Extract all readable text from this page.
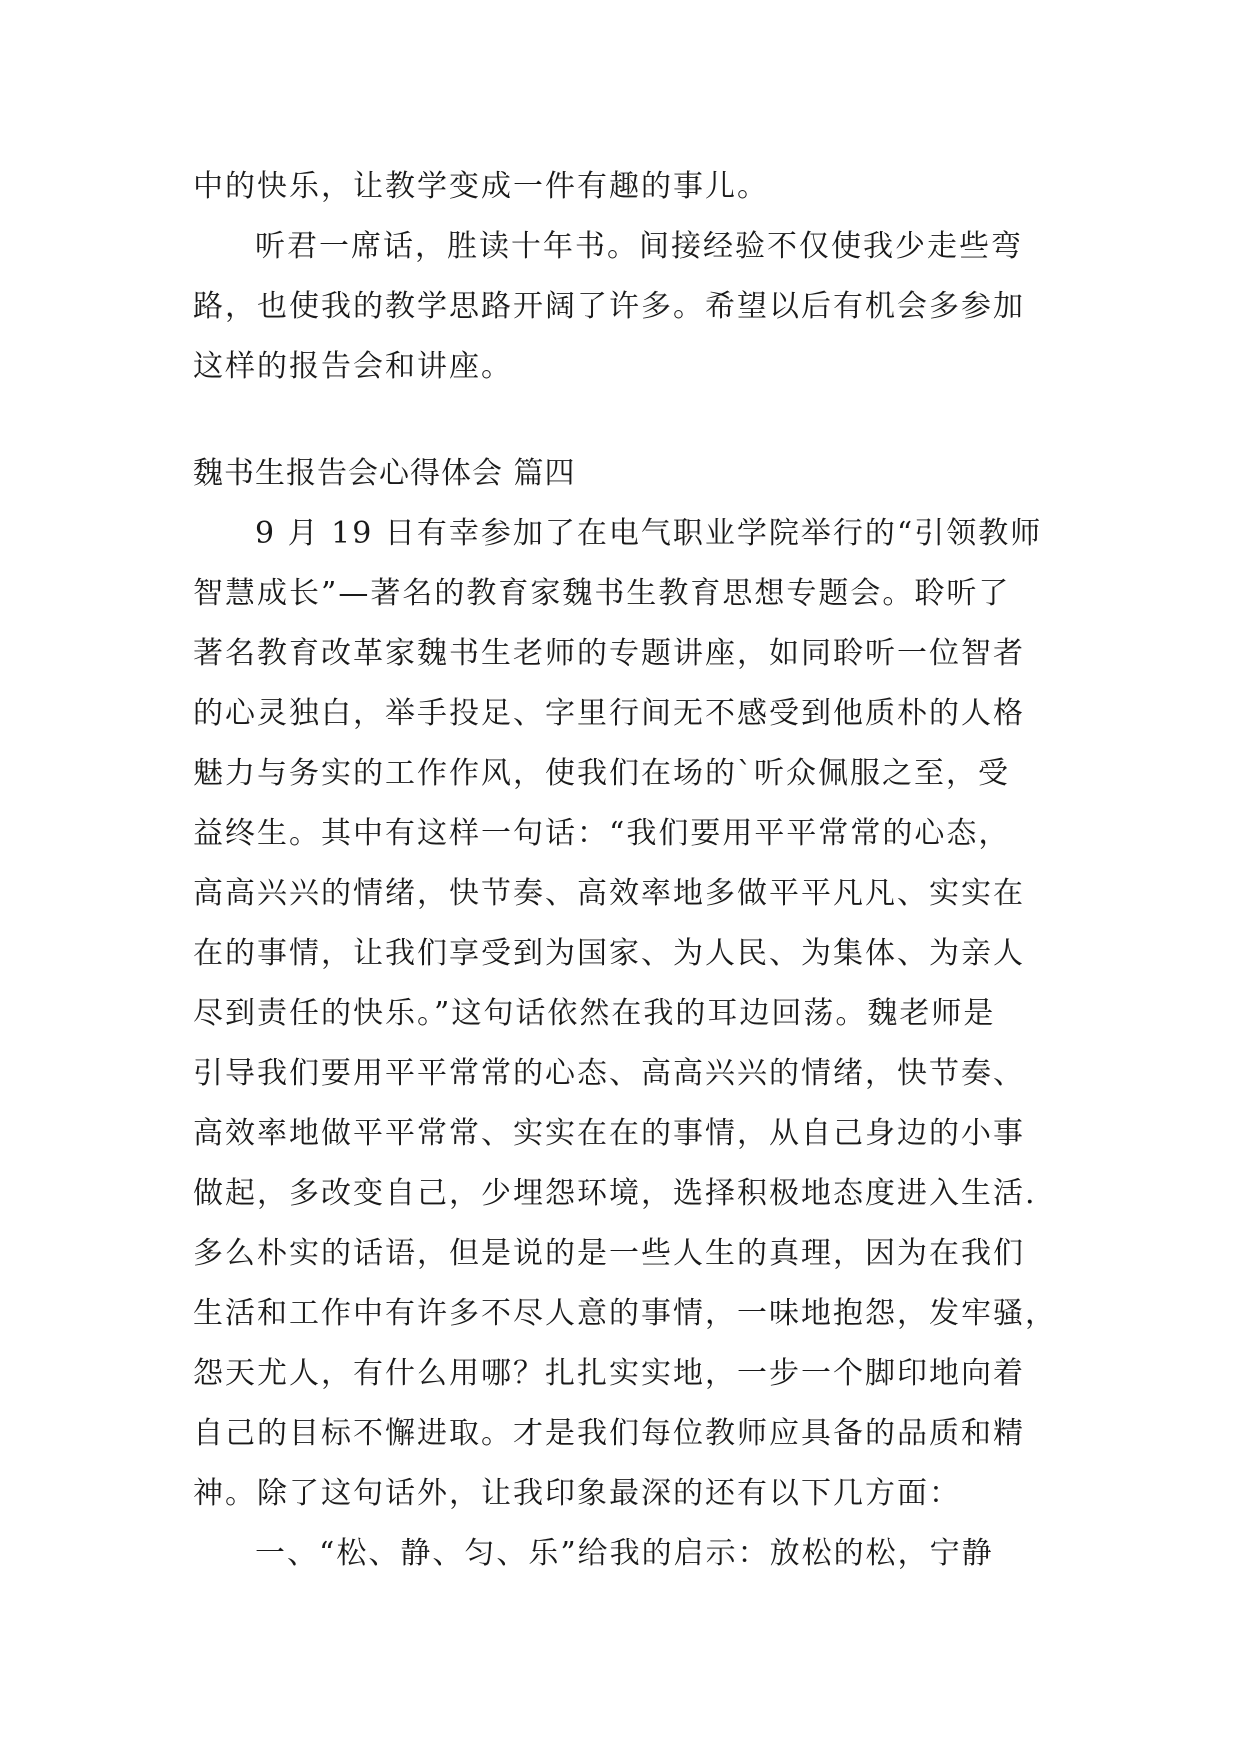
中的快乐，让教学变成一件有趣的事儿。
听君一席话，胜读十年书。间接经验不仅使我少走些弯
路，也使我的教学思路开阔了许多。希望以后有机会多参加
这样的报告会和讲座。
魏书生报告会心得体会 篇四
9 月 19 日有幸参加了在电气职业学院举行的“引领教师
智慧成长”—著名的教育家魏书生教育思想专题会。聆听了
著名教育改革家魏书生老师的专题讲座，如同聆听一位智者
的心灵独白，举手投足、字里行间无不感受到他质朴的人格
魅力与务实的工作作风，使我们在场的`听众佩服之至，受
益终生。其中有这样一句话：“我们要用平平常常的心态，
高高兴兴的情绪，快节奏、高效率地多做平平凡凡、实实在
在的事情，让我们享受到为国家、为人民、为集体、为亲人
尽到责任的快乐。”这句话依然在我的耳边回荡。魏老师是
引导我们要用平平常常的心态、高高兴兴的情绪，快节奏、
高效率地做平平常常、实实在在的事情，从自己身边的小事
做起，多改变自己，少埋怨环境，选择积极地态度进入生活.
多么朴实的话语，但是说的是一些人生的真理，因为在我们
生活和工作中有许多不尽人意的事情，一味地抱怨，发牢骚，
怨天尤人，有什么用哪？扎扎实实地，一步一个脚印地向着
自己的目标不懈进取。才是我们每位教师应具备的品质和精
神。除了这句话外，让我印象最深的还有以下几方面：
一、“松、静、匀、乐”给我的启示：放松的松，宁静
